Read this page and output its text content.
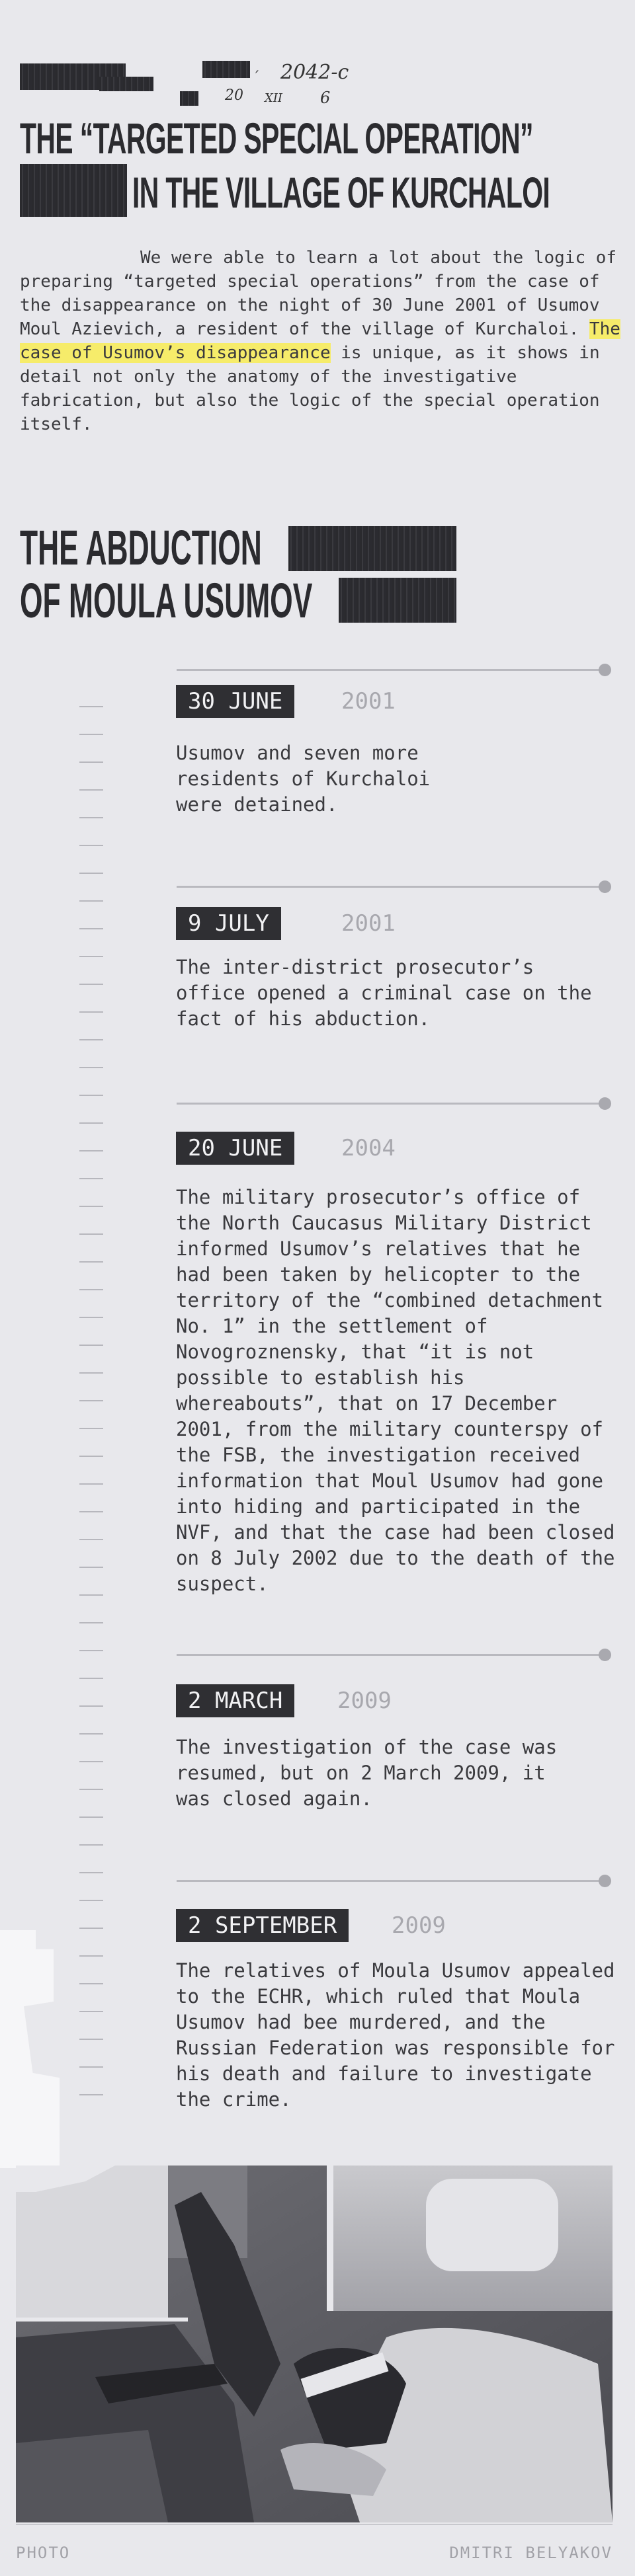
2042-c
20 XII 6
′
THE “TARGETED SPECIAL OPERATION”
IN THE VILLAGE OF KURCHALOI

We were able to learn a lot about the logic of preparing “targeted special operations” from the case of the disappearance on the night of 30 June 2001 of Usumov Moul Azievich, a resident of the village of Kurchaloi. The case of Usumov’s disappearance is unique, as it shows in detail not only the anatomy of the investigative fabrication, but also the logic of the special operation itself.

THE ABDUCTION
OF MOULA USUMOV
30 JUNE	2001

Usumov and seven more residents of Kurchaloi were detained.

9 JULY	2001

The inter-district prosecutor’s office opened a criminal case on the fact of his abduction.

20 JUNE	2004

The military prosecutor’s office of the North Caucasus Military District informed Usumov’s relatives that he had been taken by helicopter to the territory of the “combined detachment No. 1” in the settlement of Novogroznensky, that “it is not possible to establish his whereabouts”, that on 17 December 2001, from the military counterspy of the FSB, the investigation received information that Moul Usumov had gone into hiding and participated in the NVF, and that the case had been closed on 8 July 2002 due to the death of the suspect.

2 MARCH	2009

The investigation of the case was resumed, but on 2 March 2009, it was closed again.

2 SEPTEMBER	2009

The relatives of Moula Usumov appealed to the ECHR, which ruled that Moula Usumov had bee murdered, and the Russian Federation was responsible for his death and failure to investigate the crime.

PHOTO	DMITRI BELYAKOV
